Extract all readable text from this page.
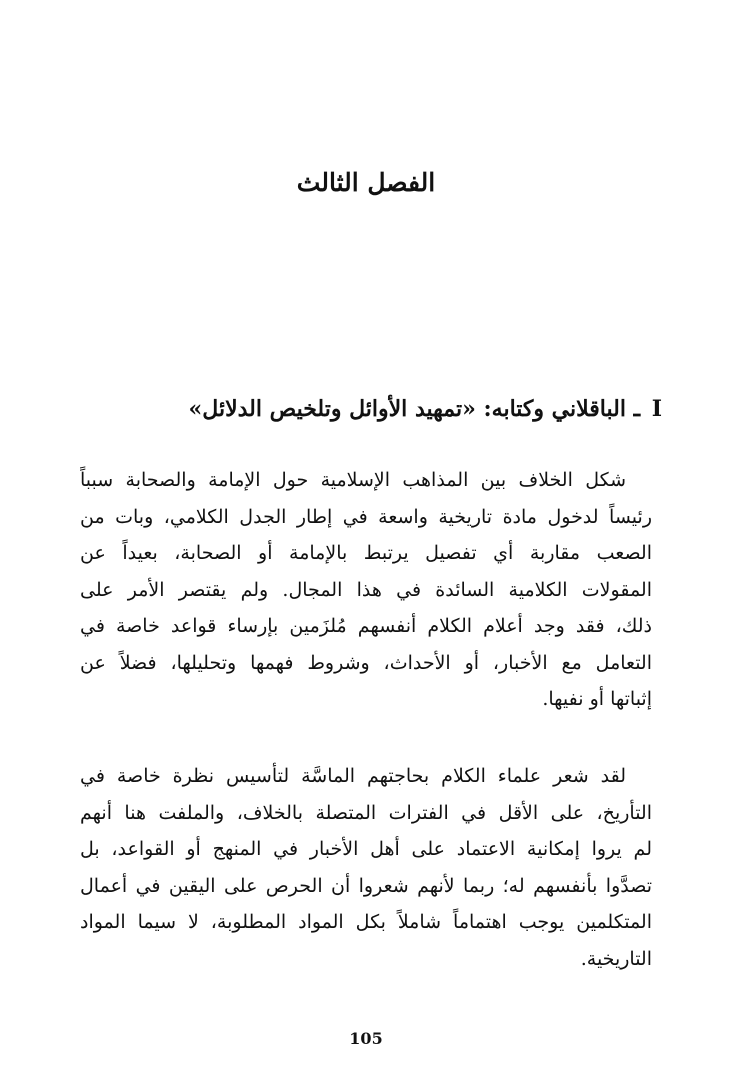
الفصل الثالث
I ـ الباقلاني وكتابه: «تمهيد الأوائل وتلخيص الدلائل»
شكل الخلاف بين المذاهب الإسلامية حول الإمامة والصحابة سبباً
رئيساً لدخول مادة تاريخية واسعة في إطار الجدل الكلامي، وبات من
الصعب مقاربة أي تفصيل يرتبط بالإمامة أو الصحابة، بعيداً عن
المقولات الكلامية السائدة في هذا المجال. ولم يقتصر الأمر على
ذلك، فقد وجد أعلام الكلام أنفسهم مُلزَمين بإرساء قواعد خاصة في
التعامل مع الأخبار، أو الأحداث، وشروط فهمها وتحليلها، فضلاً عن
إثباتها أو نفيها.
لقد شعر علماء الكلام بحاجتهم الماسَّة لتأسيس نظرة خاصة في
التأريخ، على الأقل في الفترات المتصلة بالخلاف، والملفت هنا أنهم
لم يروا إمكانية الاعتماد على أهل الأخبار في المنهج أو القواعد، بل
تصدَّوا بأنفسهم له؛ ربما لأنهم شعروا أن الحرص على اليقين في أعمال
المتكلمين يوجب اهتماماً شاملاً بكل المواد المطلوبة، لا سيما المواد
التاريخية.
105
